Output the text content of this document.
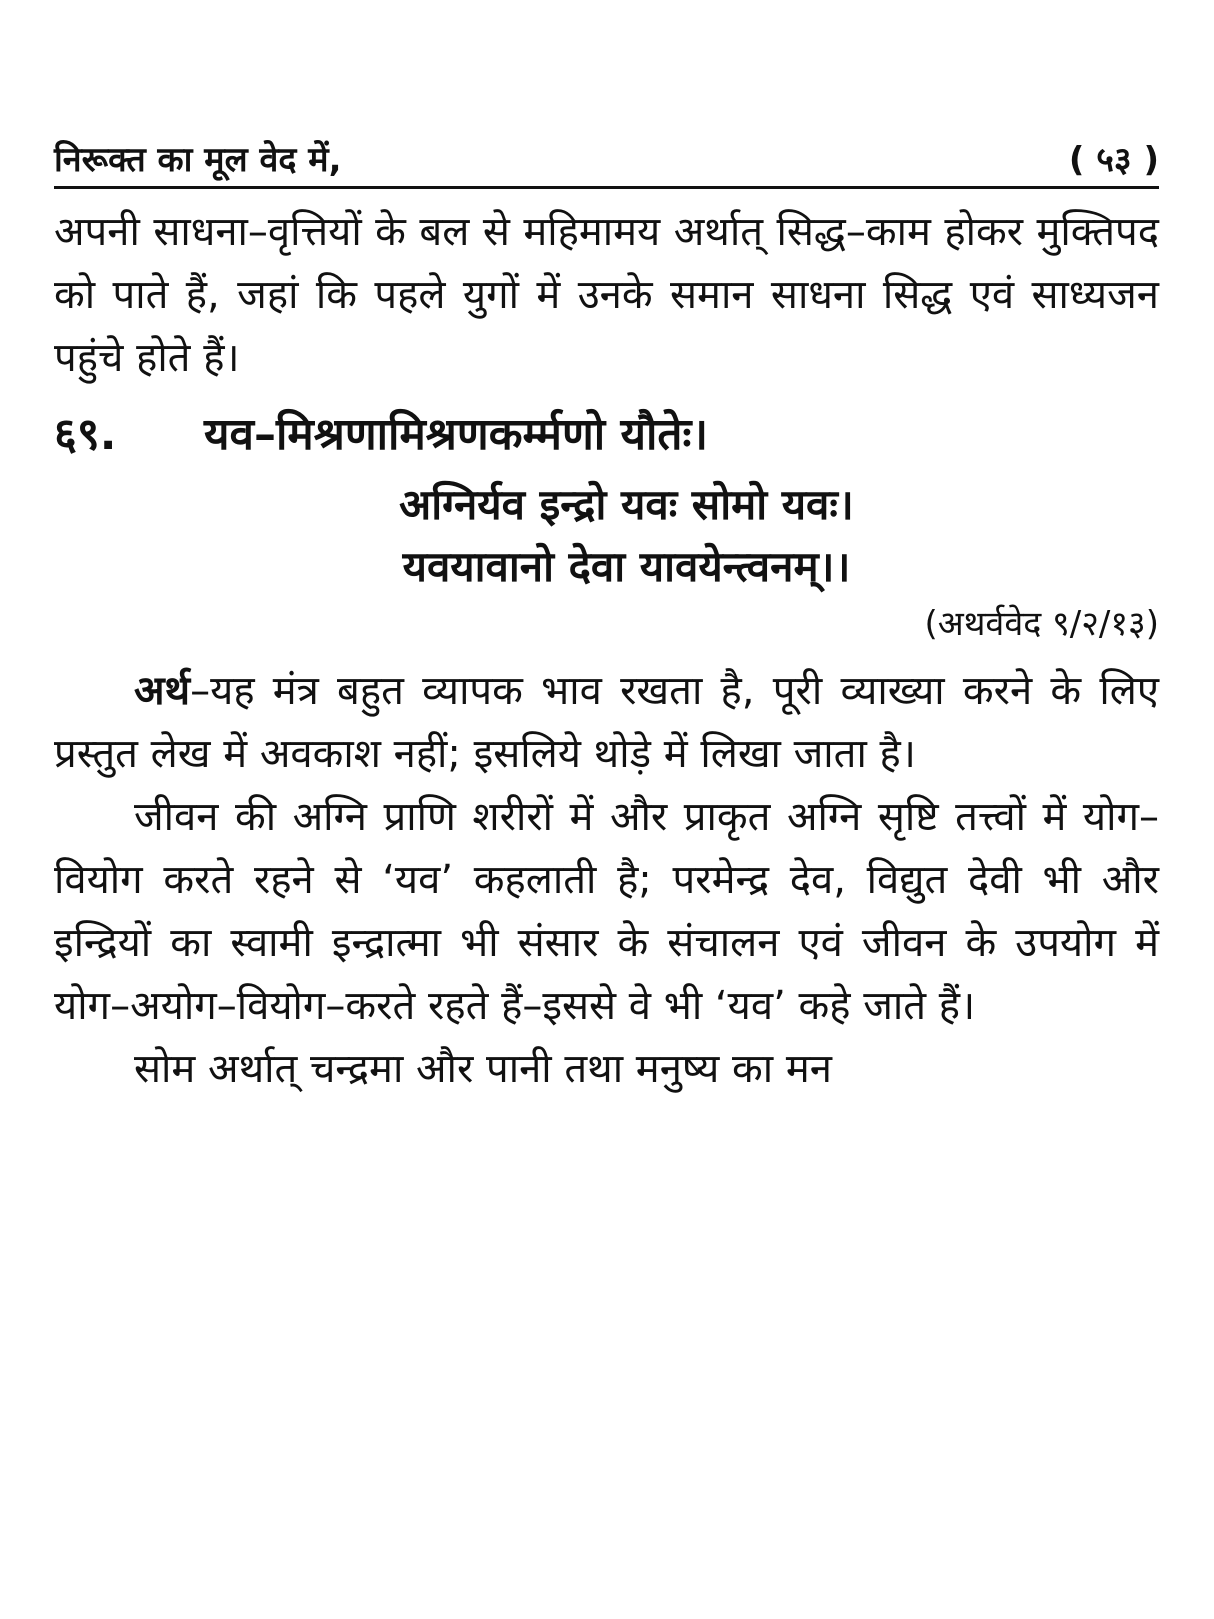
निरूक्त का मूल वेद में,	( ५३ )

अपनी साधना–वृत्तियों के बल से महिमामय अर्थात् सिद्ध–काम होकर मुक्तिपद को पाते हैं, जहां कि पहले युगों में उनके समान साधना सिद्ध एवं साध्यजन पहुंचे होते हैं।

६९.	यव–मिश्रणामिश्रणकर्म्मणो यौतेः।
अग्निर्यव इन्द्रो यवः सोमो यवः।
यवयावानो देवा यावयेन्त्वनम्।।
(अथर्ववेद ९/२/१३)

अर्थ–यह मंत्र बहुत व्यापक भाव रखता है, पूरी व्याख्या करने के लिए प्रस्तुत लेख में अवकाश नहीं; इसलिये थोड़े में लिखा जाता है।

जीवन की अग्नि प्राणि शरीरों में और प्राकृत अग्नि सृष्टि तत्त्वों में योग–वियोग करते रहने से ‘यव’ कहलाती है; परमेन्द्र देव, विद्युत देवी भी और इन्द्रियों का स्वामी इन्द्रात्मा भी संसार के संचालन एवं जीवन के उपयोग में योग–अयोग–वियोग–करते रहते हैं–इससे वे भी ‘यव’ कहे जाते हैं।

सोम अर्थात् चन्द्रमा और पानी तथा मनुष्य का मन
